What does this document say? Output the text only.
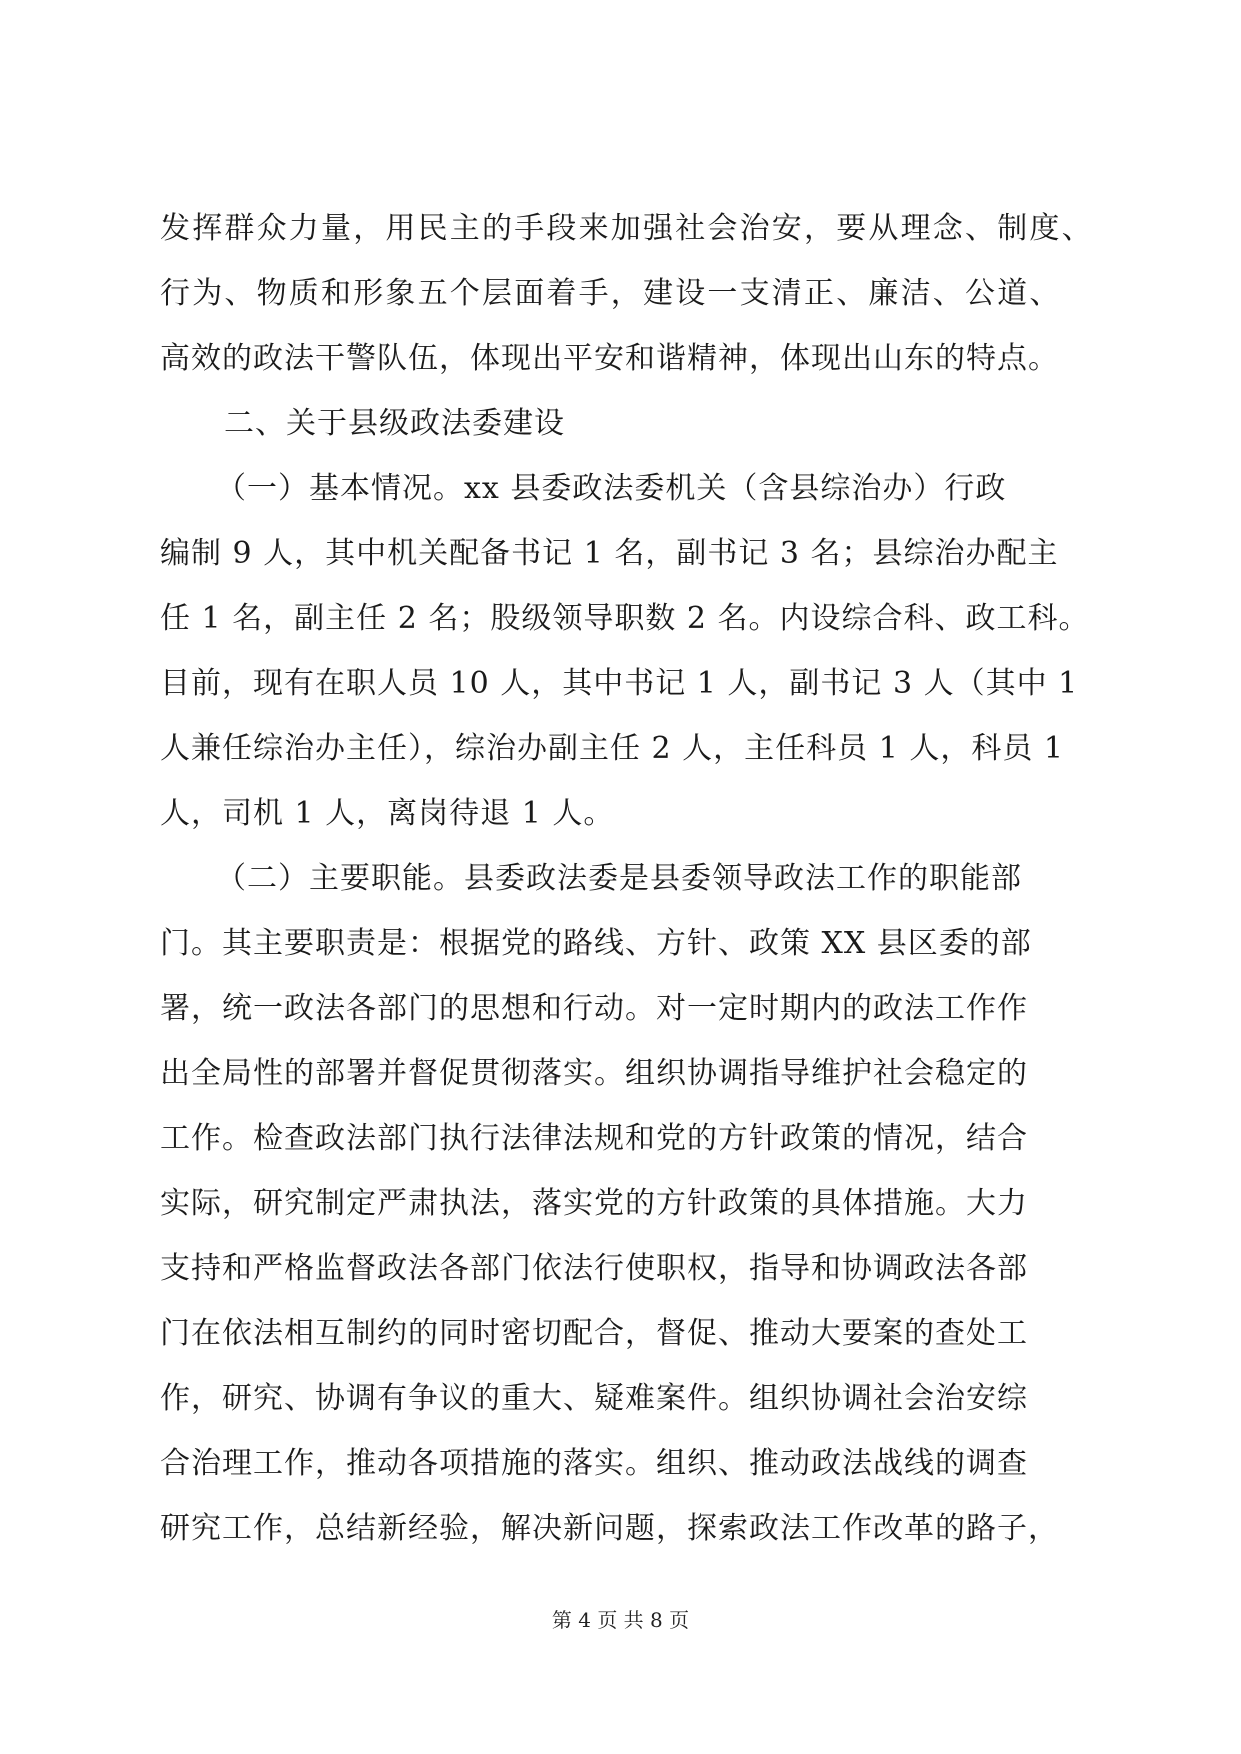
发挥群众力量，用民主的手段来加强社会治安，要从理念、制度、
行为、物质和形象五个层面着手，建设一支清正、廉洁、公道、
高效的政法干警队伍，体现出平安和谐精神，体现出山东的特点。
二、关于县级政法委建设
（一）基本情况。xx 县委政法委机关（含县综治办）行政
编制 9 人，其中机关配备书记 1 名，副书记 3 名；县综治办配主
任 1 名，副主任 2 名；股级领导职数 2 名。内设综合科、政工科。
目前，现有在职人员 10 人，其中书记 1 人，副书记 3 人（其中 1
人兼任综治办主任），综治办副主任 2 人，主任科员 1 人，科员 1
人，司机 1 人，离岗待退 1 人。
（二）主要职能。县委政法委是县委领导政法工作的职能部
门。其主要职责是：根据党的路线、方针、政策 XX 县区委的部
署，统一政法各部门的思想和行动。对一定时期内的政法工作作
出全局性的部署并督促贯彻落实。组织协调指导维护社会稳定的
工作。检查政法部门执行法律法规和党的方针政策的情况，结合
实际，研究制定严肃执法，落实党的方针政策的具体措施。大力
支持和严格监督政法各部门依法行使职权，指导和协调政法各部
门在依法相互制约的同时密切配合，督促、推动大要案的查处工
作，研究、协调有争议的重大、疑难案件。组织协调社会治安综
合治理工作，推动各项措施的落实。组织、推动政法战线的调查
研究工作，总结新经验，解决新问题，探索政法工作改革的路子，
第 4 页 共 8 页
